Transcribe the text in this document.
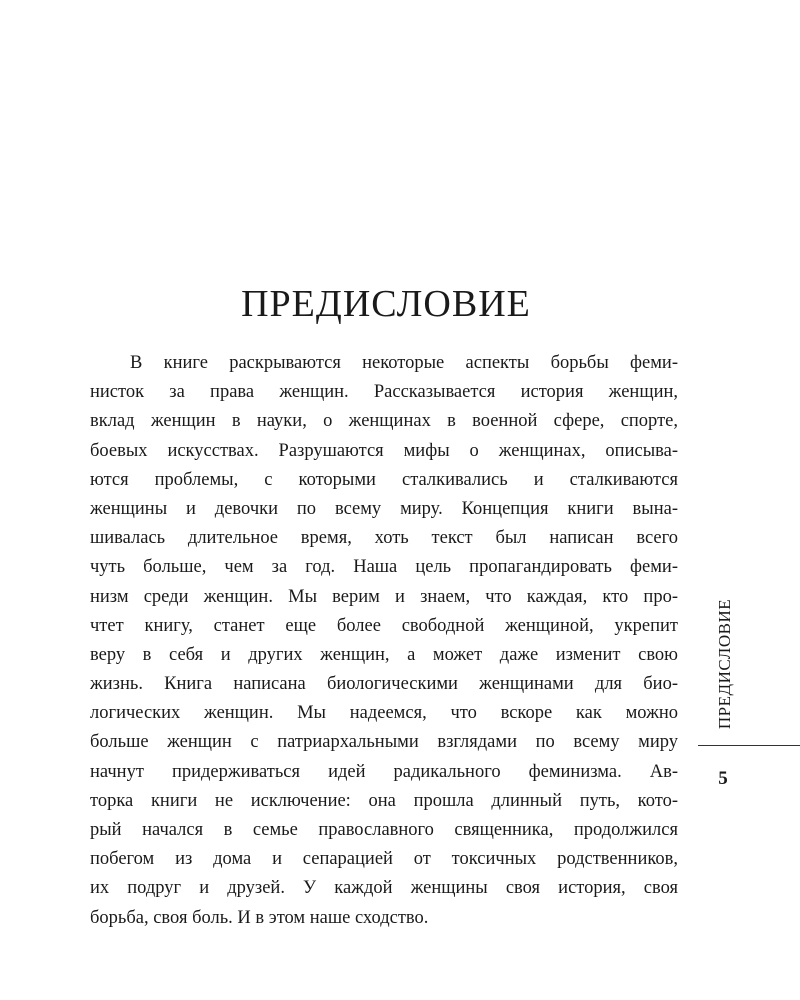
ПРЕДИСЛОВИЕ
В книге раскрываются некоторые аспекты борьбы феми-
нисток за права женщин. Рассказывается история женщин,
вклад женщин в науки, о женщинах в военной сфере, спорте,
боевых искусствах. Разрушаются мифы о женщинах, описыва-
ются проблемы, с которыми сталкивались и сталкиваются
женщины и девочки по всему миру. Концепция книги вына-
шивалась длительное время, хоть текст был написан всего
чуть больше, чем за год. Наша цель пропагандировать феми-
низм среди женщин. Мы верим и знаем, что каждая, кто про-
чтет книгу, станет еще более свободной женщиной, укрепит
веру в себя и других женщин, а может даже изменит свою
жизнь. Книга написана биологическими женщинами для био-
логических женщин. Мы надеемся, что вскоре как можно
больше женщин с патриархальными взглядами по всему миру
начнут придерживаться идей радикального феминизма. Ав-
торка книги не исключение: она прошла длинный путь, кото-
рый начался в семье православного священника, продолжился
побегом из дома и сепарацией от токсичных родственников,
их подруг и друзей. У каждой женщины своя история, своя
борьба, своя боль. И в этом наше сходство.
ПРЕДИСЛОВИЕ
5
